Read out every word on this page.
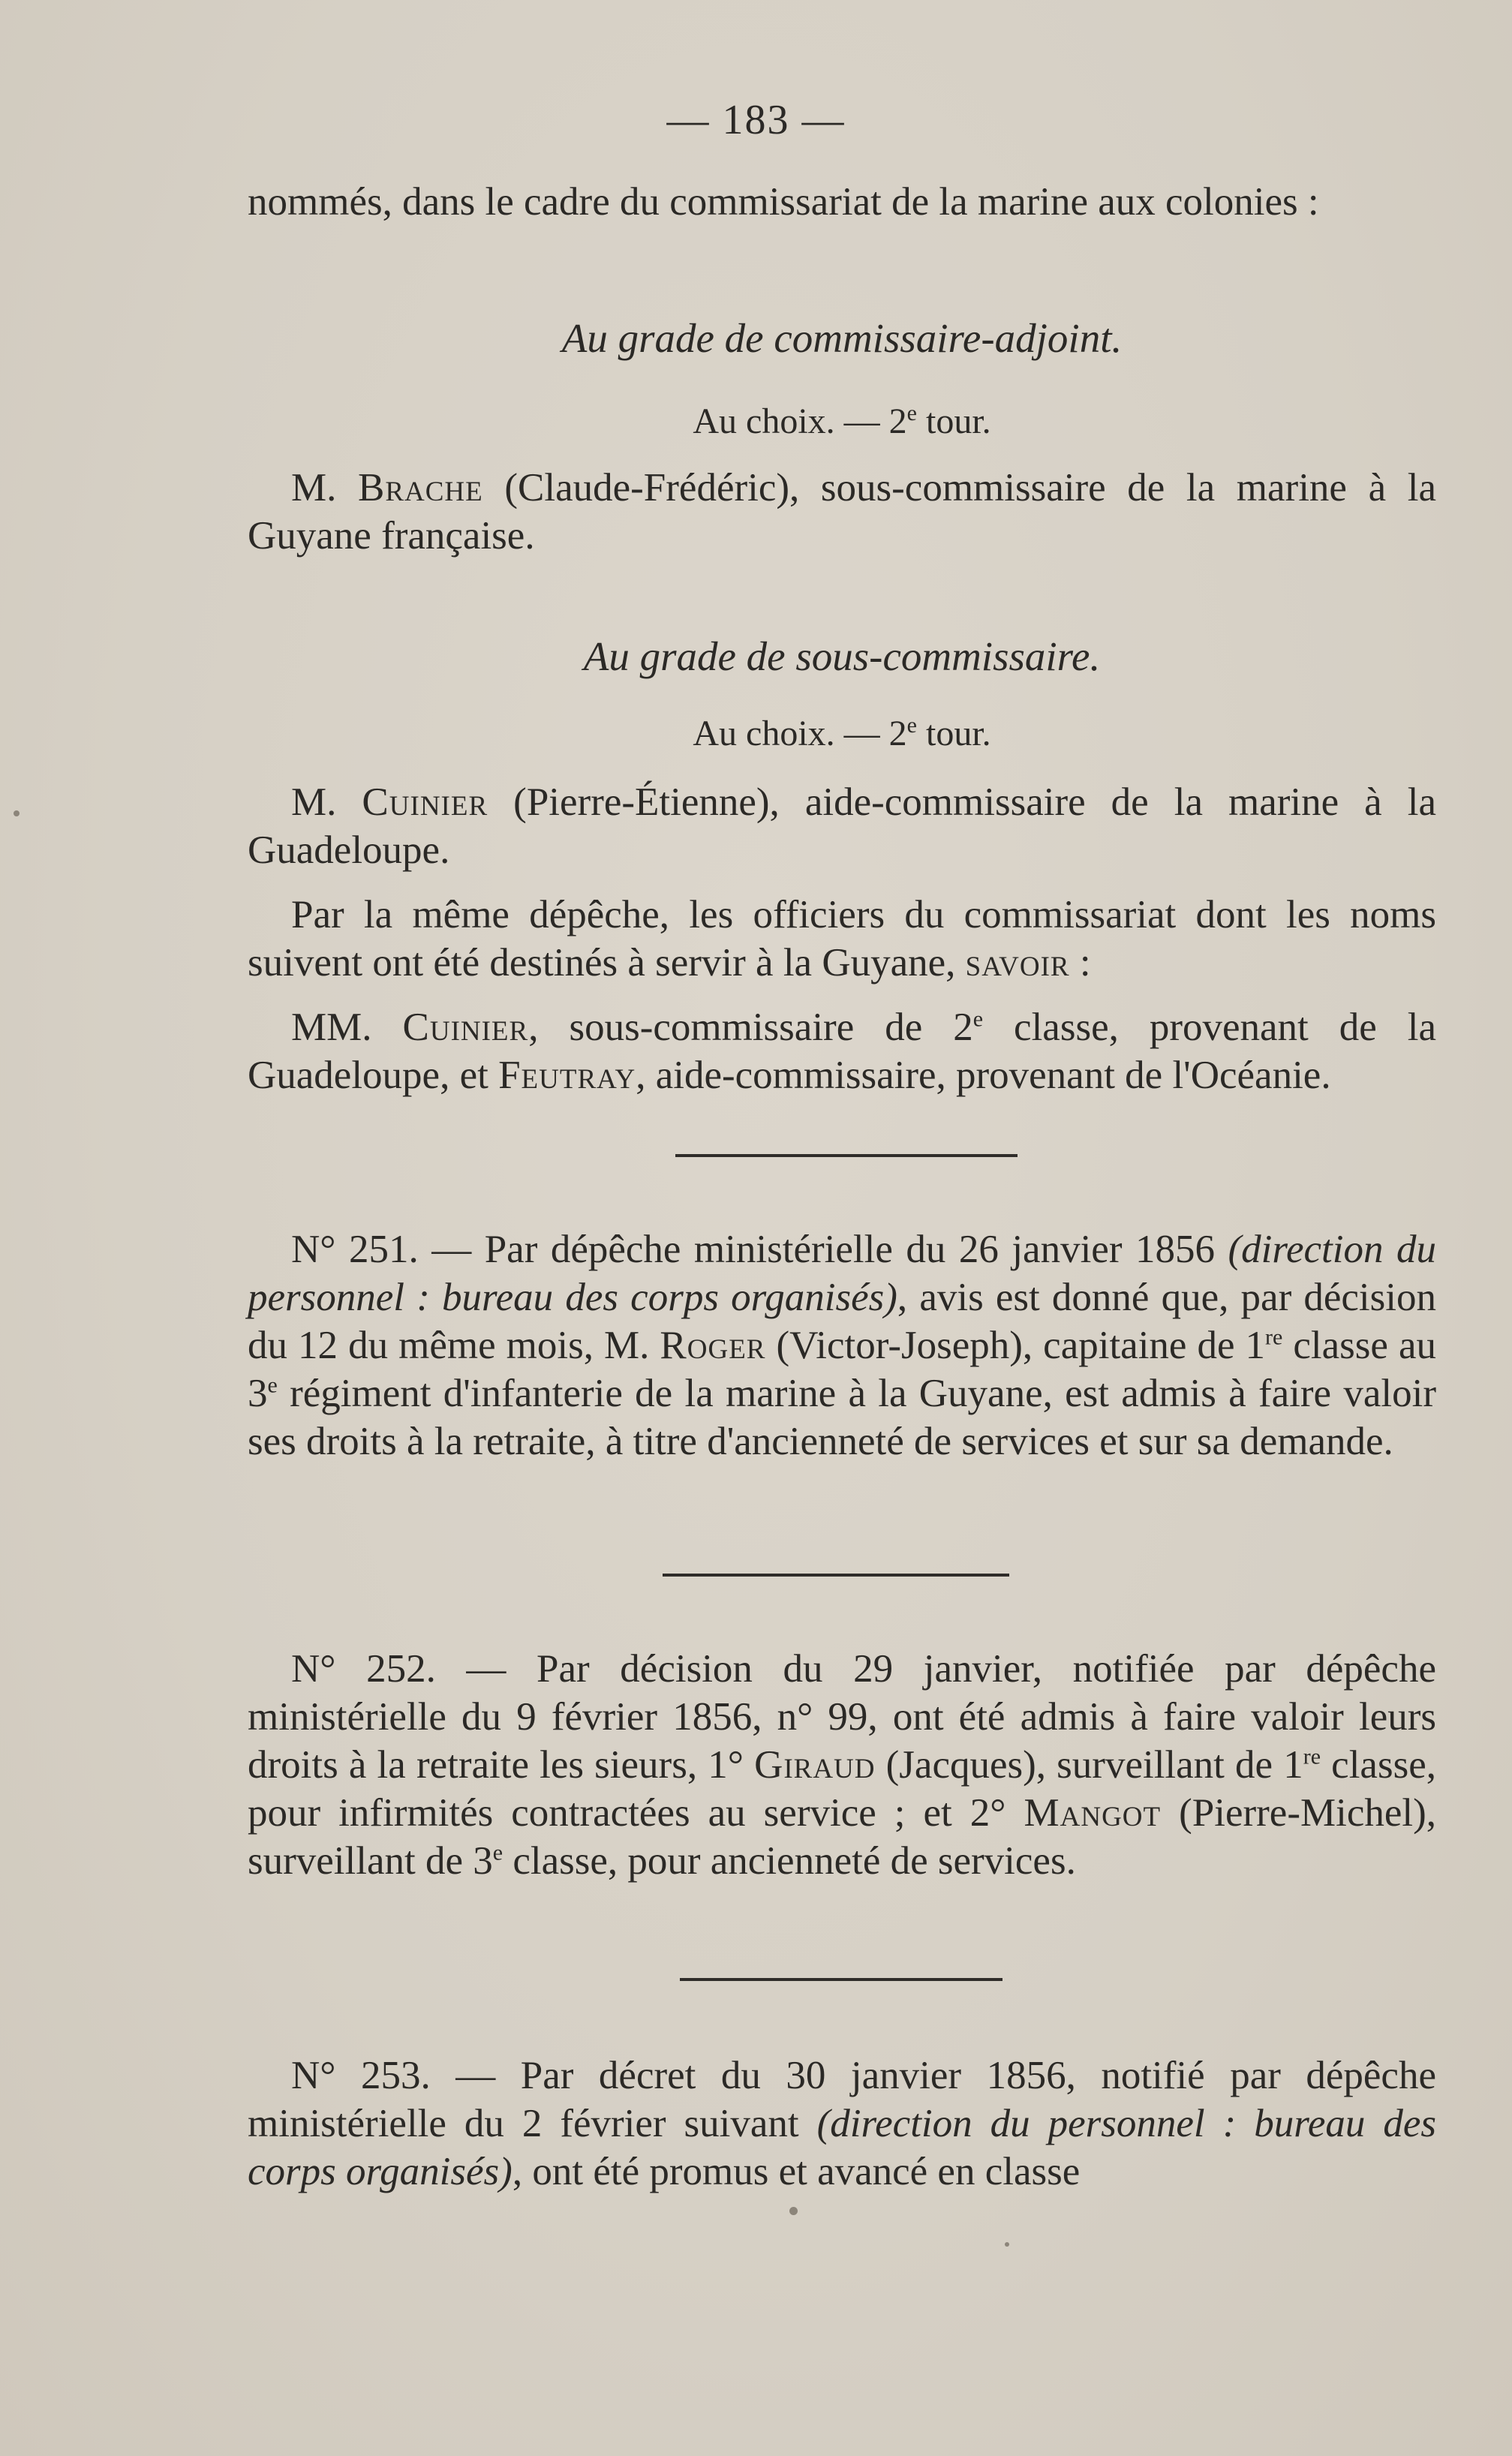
— 183 —

nommés, dans le cadre du commissariat de la marine aux colonies :

Au grade de commissaire-adjoint.
Au choix. — 2e tour.

M. Brache (Claude-Frédéric), sous-commissaire de la marine à la Guyane française.

Au grade de sous-commissaire.
Au choix. — 2e tour.

M. Cuinier (Pierre-Étienne), aide-commissaire de la marine à la Guadeloupe.

Par la même dépêche, les officiers du commissariat dont les noms suivent ont été destinés à servir à la Guyane, savoir :

MM. Cuinier, sous-commissaire de 2e classe, provenant de la Guadeloupe, et Feutray, aide-commissaire, provenant de l'Océanie.

N° 251. — Par dépêche ministérielle du 26 janvier 1856 (direction du personnel : bureau des corps organisés), avis est donné que, par décision du 12 du même mois, M. Roger (Victor-Joseph), capitaine de 1re classe au 3e régiment d'infanterie de la marine à la Guyane, est admis à faire valoir ses droits à la retraite, à titre d'ancienneté de services et sur sa demande.

N° 252. — Par décision du 29 janvier, notifiée par dépêche ministérielle du 9 février 1856, n° 99, ont été admis à faire valoir leurs droits à la retraite les sieurs, 1° Giraud (Jacques), surveillant de 1re classe, pour infirmités contractées au service ; et 2° Mangot (Pierre-Michel), surveillant de 3e classe, pour ancienneté de services.

N° 253. — Par décret du 30 janvier 1856, notifié par dépêche ministérielle du 2 février suivant (direction du personnel : bureau des corps organisés), ont été promus et avancé en classe
